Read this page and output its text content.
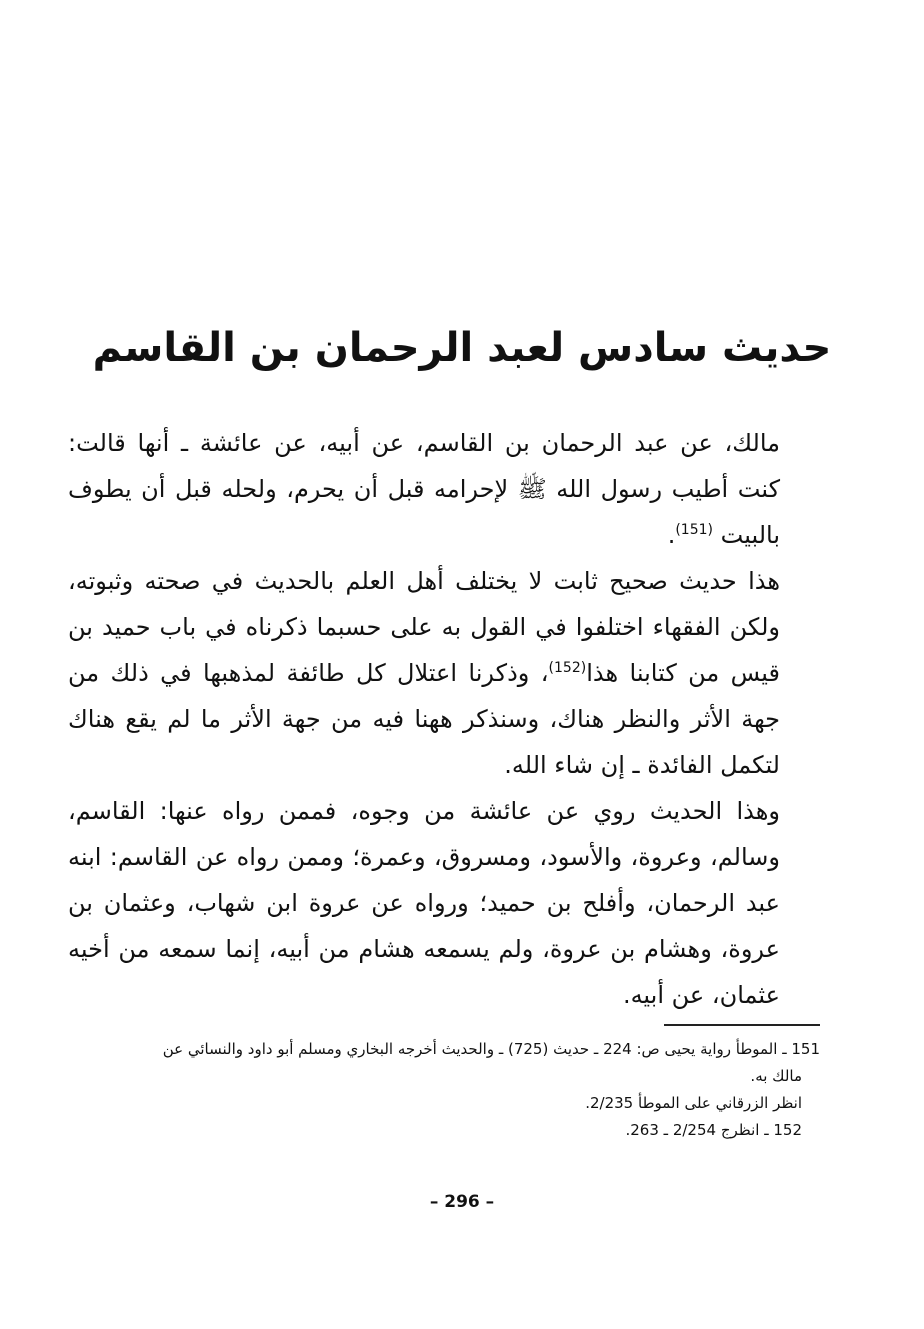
حديث سادس لعبد الرحمان بن القاسم

مالك، عن عبد الرحمان بن القاسم، عن أبيه، عن عائشة ـ أنها قالت: كنت أطيب رسول الله ﷺ لإحرامه قبل أن يحرم، ولحله قبل أن يطوف بالبيت $^{(151)}$.

هذا حديث صحيح ثابت لا يختلف أهل العلم بالحديث في صحته وثبوته، ولكن الفقهاء اختلفوا في القول به على حسبما ذكرناه في باب حميد بن قيس من كتابنا هذا$^{(152)}$، وذكرنا اعتلال كل طائفة لمذهبها في ذلك من جهة الأثر والنظر هناك، وسنذكر ههنا فيه من جهة الأثر ما لم يقع هناك لتكمل الفائدة ـ إن شاء الله.

وهذا الحديث روي عن عائشة من وجوه، فممن رواه عنها: القاسم، وسالم، وعروة، والأسود، ومسروق، وعمرة؛ وممن رواه عن القاسم: ابنه عبد الرحمان، وأفلح بن حميد؛ ورواه عن عروة ابن شهاب، وعثمان بن عروة، وهشام بن عروة، ولم يسمعه هشام من أبيه، إنما سمعه من أخيه عثمان، عن أبيه.

151 ـ الموطأ رواية يحيى ص: 224 ـ حديث (725) ـ والحديث أخرجه البخاري ومسلم أبو داود والنسائي عن
مالك به.
انظر الزرقاني على الموطأ 2/235.
152 ـ انظرج 2/254 ـ 263.
– 296 –
